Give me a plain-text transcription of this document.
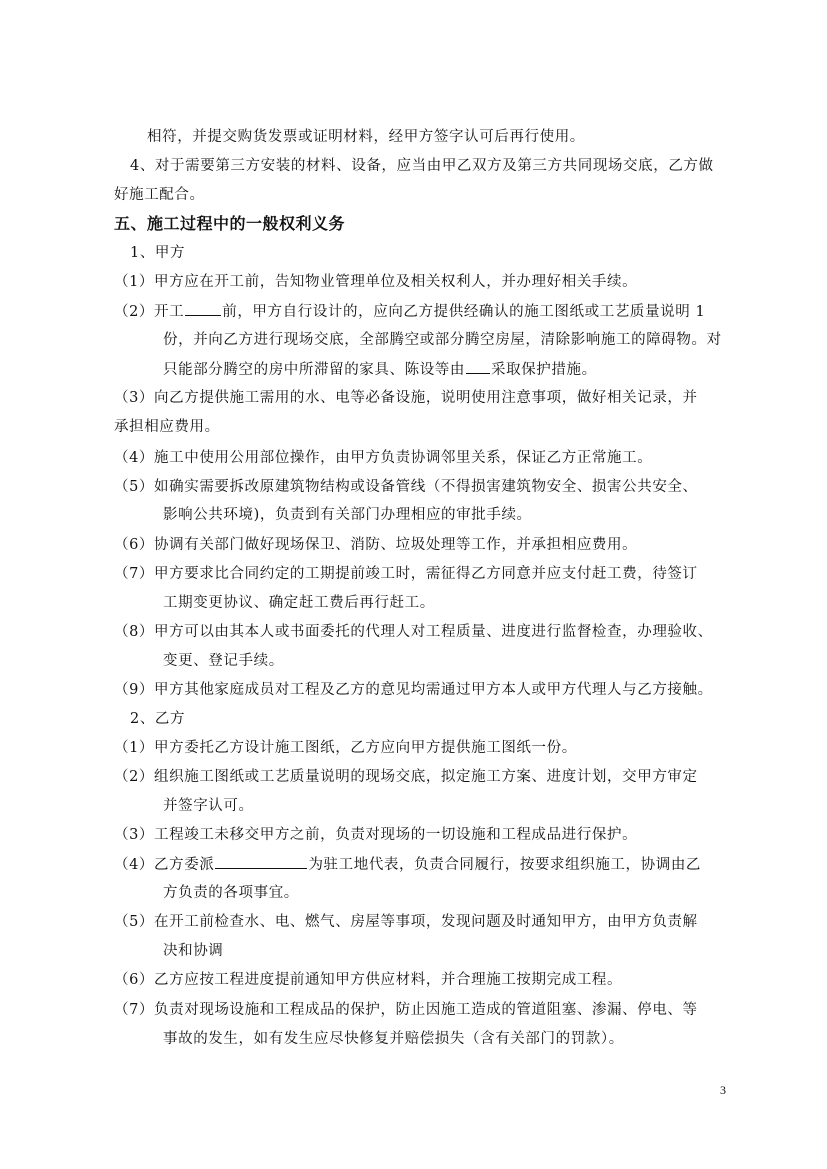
相符，并提交购货发票或证明材料，经甲方签字认可后再行使用。
4、对于需要第三方安装的材料、设备，应当由甲乙双方及第三方共同现场交底，乙方做
好施工配合。
五、施工过程中的一般权利义务
1、甲方
（1）甲方应在开工前，告知物业管理单位及相关权利人，并办理好相关手续。
（2）开工	前，甲方自行设计的，应向乙方提供经确认的施工图纸或工艺质量说明 1
份，并向乙方进行现场交底，全部腾空或部分腾空房屋，清除影响施工的障碍物。对
只能部分腾空的房中所滞留的家具、陈设等由 采取保护措施。
（3）向乙方提供施工需用的水、电等必备设施，说明使用注意事项，做好相关记录，并
承担相应费用。
（4）施工中使用公用部位操作，由甲方负责协调邻里关系，保证乙方正常施工。
（5）如确实需要拆改原建筑物结构或设备管线（不得损害建筑物安全、损害公共安全、
影响公共环境)，负责到有关部门办理相应的审批手续。
（6）协调有关部门做好现场保卫、消防、垃圾处理等工作，并承担相应费用。
（7）甲方要求比合同约定的工期提前竣工时，需征得乙方同意并应支付赶工费，待签订
工期变更协议、确定赶工费后再行赶工。
（8）甲方可以由其本人或书面委托的代理人对工程质量、进度进行监督检查，办理验收、
变更、登记手续。
（9）甲方其他家庭成员对工程及乙方的意见均需通过甲方本人或甲方代理人与乙方接触。
2、乙方
（1）甲方委托乙方设计施工图纸，乙方应向甲方提供施工图纸一份。
（2）组织施工图纸或工艺质量说明的现场交底，拟定施工方案、进度计划，交甲方审定
并签字认可。
（3）工程竣工未移交甲方之前，负责对现场的一切设施和工程成品进行保护。
（4）乙方委派	为驻工地代表，负责合同履行，按要求组织施工，协调由乙
方负责的各项事宜。
（5）在开工前检查水、电、燃气、房屋等事项，发现问题及时通知甲方，由甲方负责解
决和协调
（6）乙方应按工程进度提前通知甲方供应材料，并合理施工按期完成工程。
（7）负责对现场设施和工程成品的保护，防止因施工造成的管道阻塞、渗漏、停电、等
事故的发生，如有发生应尽快修复并赔偿损失（含有关部门的罚款）。
3
